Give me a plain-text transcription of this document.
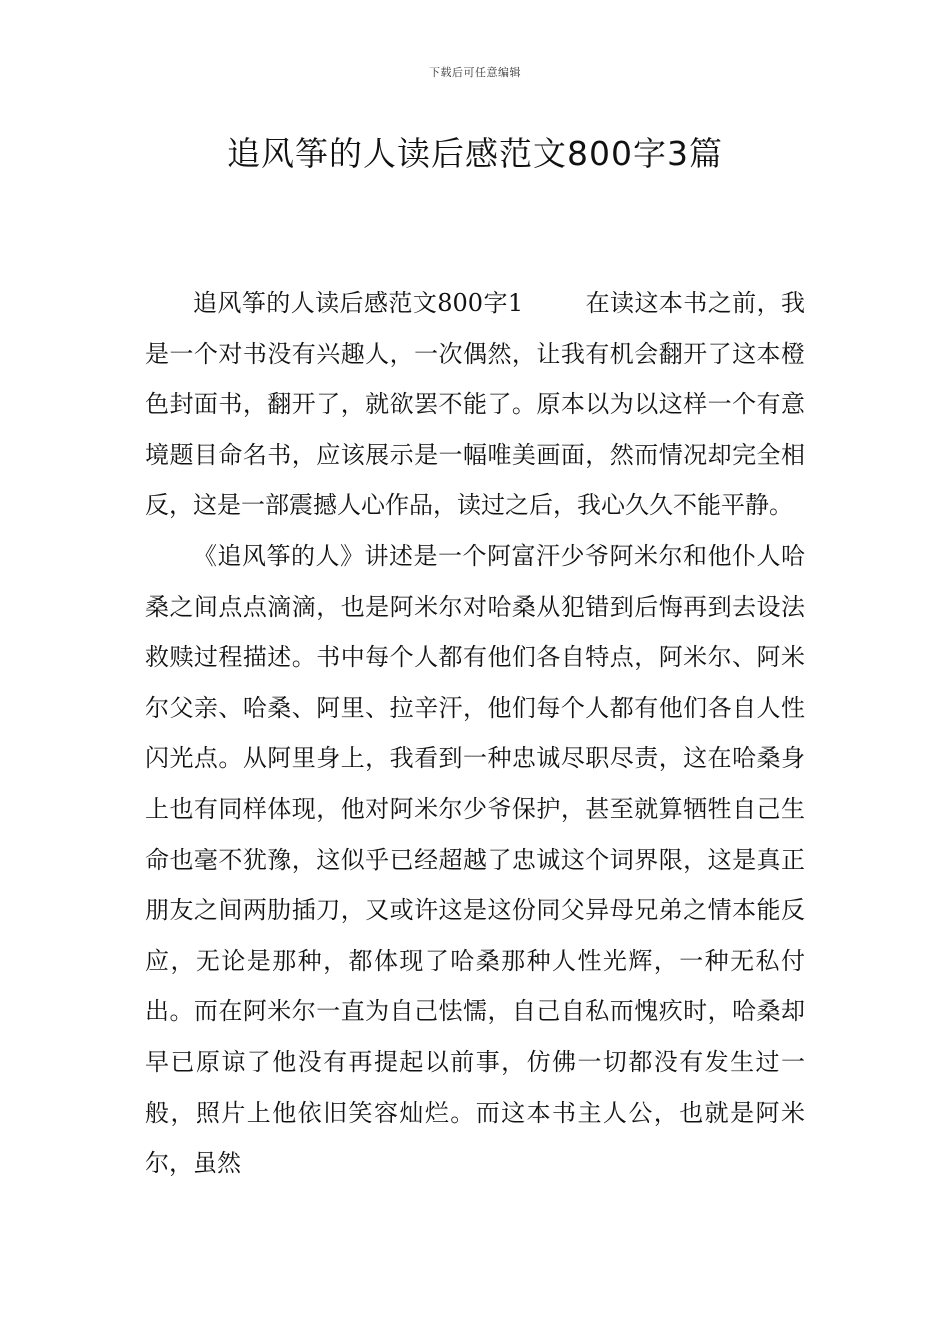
下载后可任意编辑
追风筝的人读后感范文800字3篇

追风筝的人读后感范文800字1	在读这本书之前，我是一个对书没有兴趣人，一次偶然，让我有机会翻开了这本橙色封面书，翻开了，就欲罢不能了。原本以为以这样一个有意境题目命名书，应该展示是一幅唯美画面，然而情况却完全相反，这是一部震撼人心作品，读过之后，我心久久不能平静。

《追风筝的人》讲述是一个阿富汗少爷阿米尔和他仆人哈桑之间点点滴滴，也是阿米尔对哈桑从犯错到后悔再到去设法救赎过程描述。书中每个人都有他们各自特点，阿米尔、阿米尔父亲、哈桑、阿里、拉辛汗，他们每个人都有他们各自人性闪光点。从阿里身上，我看到一种忠诚尽职尽责，这在哈桑身上也有同样体现，他对阿米尔少爷保护，甚至就算牺牲自己生命也毫不犹豫，这似乎已经超越了忠诚这个词界限，这是真正朋友之间两肋插刀，又或许这是这份同父异母兄弟之情本能反应，无论是那种，都体现了哈桑那种人性光辉，一种无私付出。而在阿米尔一直为自己怯懦，自己自私而愧疚时，哈桑却早已原谅了他没有再提起以前事，仿佛一切都没有发生过一般，照片上他依旧笑容灿烂。而这本书主人公，也就是阿米尔，虽然
